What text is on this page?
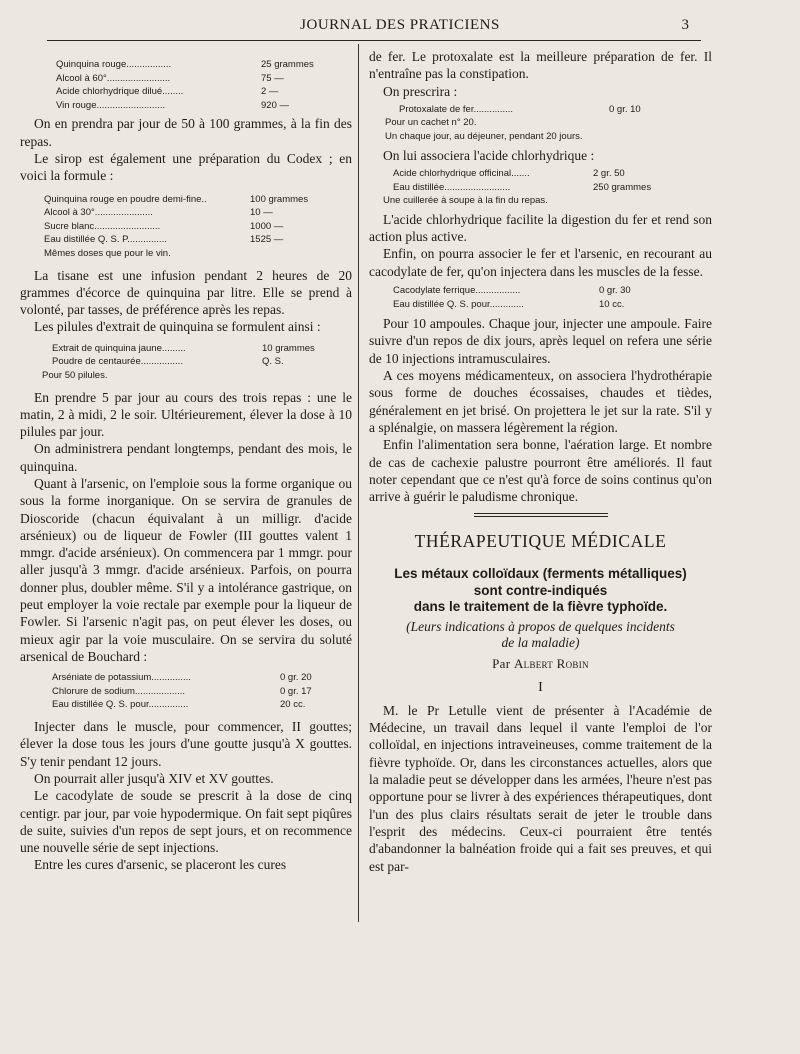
JOURNAL DES PRATICIENS	3
Quinquina rouge.................	25 grammes
Alcool à 60°........................	75 —
Acide chlorhydrique dilué........	2 —
Vin rouge..........................	920 —

On en prendra par jour de 50 à 100 grammes, à la fin des repas.

Le sirop est également une préparation du Codex ; en voici la formule :

Quinquina rouge en poudre demi-fine..	100 grammes
Alcool à 30°......................	10 —
Sucre blanc.........................	1000 —
Eau distillée Q. S. P...............	1525 —
Mêmes doses que pour le vin.

La tisane est une infusion pendant 2 heures de 20 grammes d'écorce de quinquina par litre. Elle se prend à volonté, par tasses, de préférence après les repas.

Les pilules d'extrait de quinquina se formulent ainsi :

Extrait de quinquina jaune.........	10 grammes
Poudre de centaurée................	Q. S.
Pour 50 pilules.

En prendre 5 par jour au cours des trois repas : une le matin, 2 à midi, 2 le soir. Ultérieurement, élever la dose à 10 pilules par jour.

On administrera pendant longtemps, pendant des mois, le quinquina.

Quant à l'arsenic, on l'emploie sous la forme organique ou sous la forme inorganique. On se servira de granules de Dioscoride (chacun équivalant à un milligr. d'acide arsénieux) ou de liqueur de Fowler (III gouttes valent 1 mmgr. d'acide arsénieux). On commencera par 1 mmgr. pour aller jusqu'à 3 mmgr. d'acide arsénieux. Parfois, on pourra donner plus, doubler même. S'il y a intolérance gastrique, on peut employer la voie rectale par exemple pour la liqueur de Fowler. Si l'arsenic n'agit pas, on peut élever les doses, ou mieux agir par la voie musculaire. On se servira du soluté arsenical de Bouchard :

Arséniate de potassium...............	0 gr. 20
Chlorure de sodium...................	0 gr. 17
Eau distillée Q. S. pour...............	20 cc.

Injecter dans le muscle, pour commencer, II gouttes; élever la dose tous les jours d'une goutte jusqu'à X gouttes. S'y tenir pendant 12 jours.

On pourrait aller jusqu'à XIV et XV gouttes.

Le cacodylate de soude se prescrit à la dose de cinq centigr. par jour, par voie hypodermique. On fait sept piqûres de suite, suivies d'un repos de sept jours, et on recommence une nouvelle série de sept injections.

Entre les cures d'arsenic, se placeront les cures

de fer. Le protoxalate est la meilleure préparation de fer. Il n'entraîne pas la constipation.

On prescrira :

Protoxalate de fer...............	0 gr. 10
Pour un cachet n° 20.
Un chaque jour, au déjeuner, pendant 20 jours.

On lui associera l'acide chlorhydrique :

Acide chlorhydrique officinal.......	2 gr. 50
Eau distillée.........................	250 grammes
Une cuillerée à soupe à la fin du repas.

L'acide chlorhydrique facilite la digestion du fer et rend son action plus active.

Enfin, on pourra associer le fer et l'arsenic, en recourant au cacodylate de fer, qu'on injectera dans les muscles de la fesse.

Cacodylate ferrique.................	0 gr. 30
Eau distillée Q. S. pour.............	10 cc.

Pour 10 ampoules. Chaque jour, injecter une ampoule. Faire suivre d'un repos de dix jours, après lequel on refera une série de 10 injections intramusculaires.

A ces moyens médicamenteux, on associera l'hydrothérapie sous forme de douches écossaises, chaudes et tièdes, généralement en jet brisé. On projettera le jet sur la rate. S'il y a splénalgie, on massera légèrement la région.

Enfin l'alimentation sera bonne, l'aération large. Et nombre de cas de cachexie palustre pourront être améliorés. Il faut noter cependant que ce n'est qu'à force de soins continus qu'on arrive à guérir le paludisme chronique.

THÉRAPEUTIQUE MÉDICALE
Les métaux colloïdaux (ferments métalliques)
sont contre-indiqués
dans le traitement de la fièvre typhoïde.
(Leurs indications à propos de quelques incidents
de la maladie)
Par Albert Robin
I

M. le Pr Letulle vient de présenter à l'Académie de Médecine, un travail dans lequel il vante l'emploi de l'or colloïdal, en injections intraveineuses, comme traitement de la fièvre typhoïde. Or, dans les circonstances actuelles, alors que la maladie peut se développer dans les armées, l'heure n'est pas opportune pour se livrer à des expériences thérapeutiques, dont l'un des plus clairs résultats serait de jeter le trouble dans l'esprit des médecins. Ceux-ci pourraient être tentés d'abandonner la balnéation froide qui a fait ses preuves, et qui est par-
